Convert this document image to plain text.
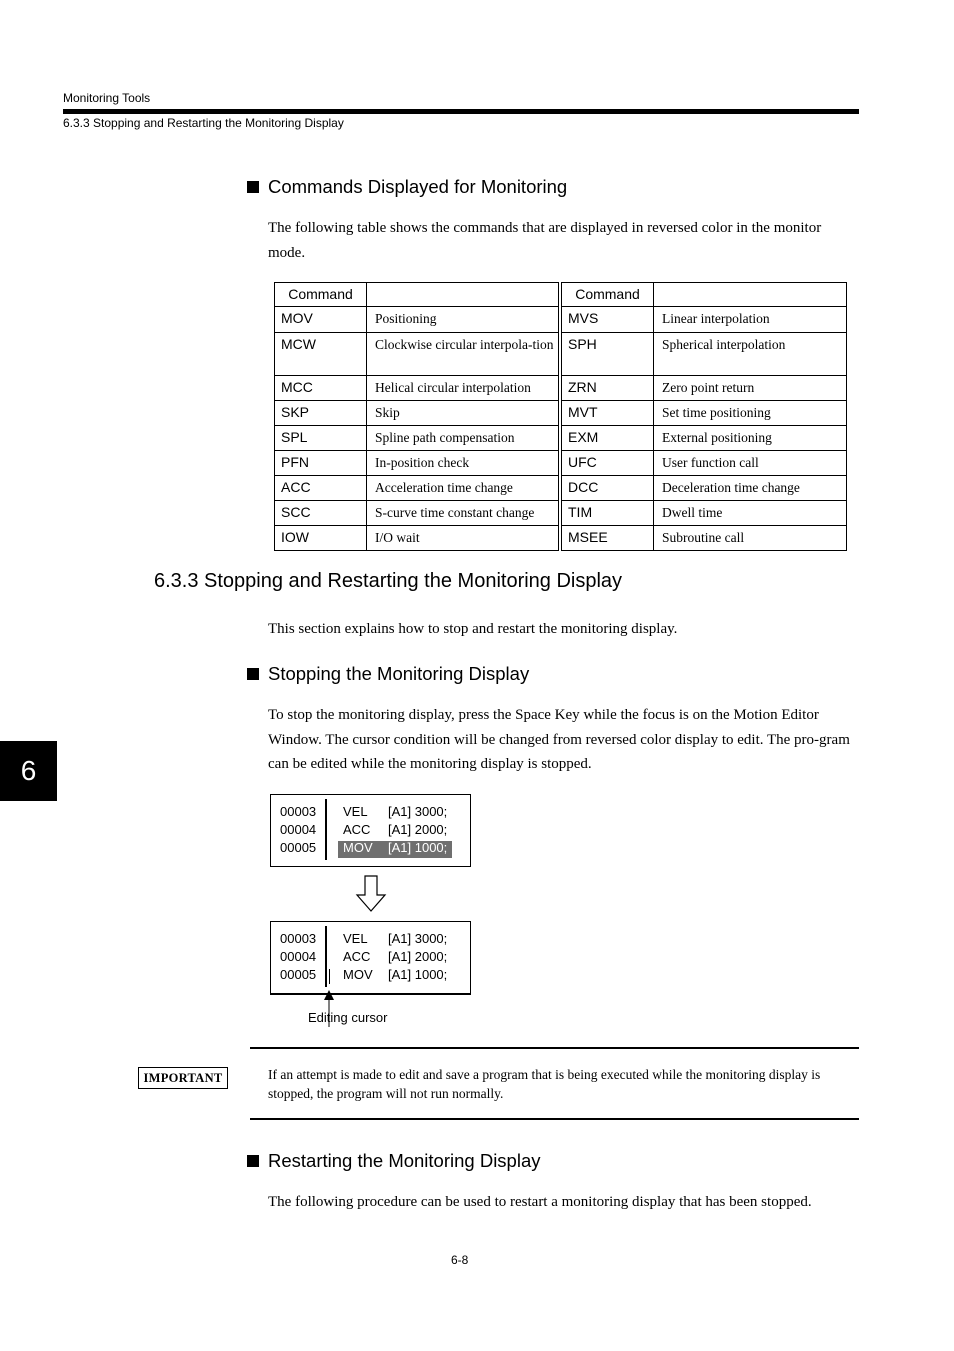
Monitoring Tools
6.3.3 Stopping and Restarting the Monitoring Display
Commands Displayed for Monitoring
The following table shows the commands that are displayed in reversed color in the monitor mode.
Command		Command	
MOV	Positioning	MVS	Linear interpolation
MCW	Clockwise circular interpola-tion	SPH	Spherical interpolation
MCC	Helical circular interpolation	ZRN	Zero point return
SKP	Skip	MVT	Set time positioning
SPL	Spline path compensation	EXM	External positioning
PFN	In-position check	UFC	User function call
ACC	Acceleration time change	DCC	Deceleration time change
SCC	S-curve time constant change	TIM	Dwell time
IOW	I/O wait	MSEE	Subroutine call
6.3.3 Stopping and Restarting the Monitoring Display
This section explains how to stop and restart the monitoring display.
Stopping the Monitoring Display
To stop the monitoring display, press the Space Key while the focus is on the Motion Editor Window. The cursor condition will be changed from reversed color display to edit. The pro-gram can be edited while the monitoring display is stopped.
00003 VEL [A1] 3000;
00004 ACC [A1] 2000;
00005 MOV [A1] 1000;
00003 VEL [A1] 3000;
00004 ACC [A1] 2000;
00005 MOV [A1] 1000;
Editing cursor
IMPORTANT	If an attempt is made to edit and save a program that is being executed while the monitoring display is stopped, the program will not run normally.
Restarting the Monitoring Display
The following procedure can be used to restart a monitoring display that has been stopped.
6
6-8
